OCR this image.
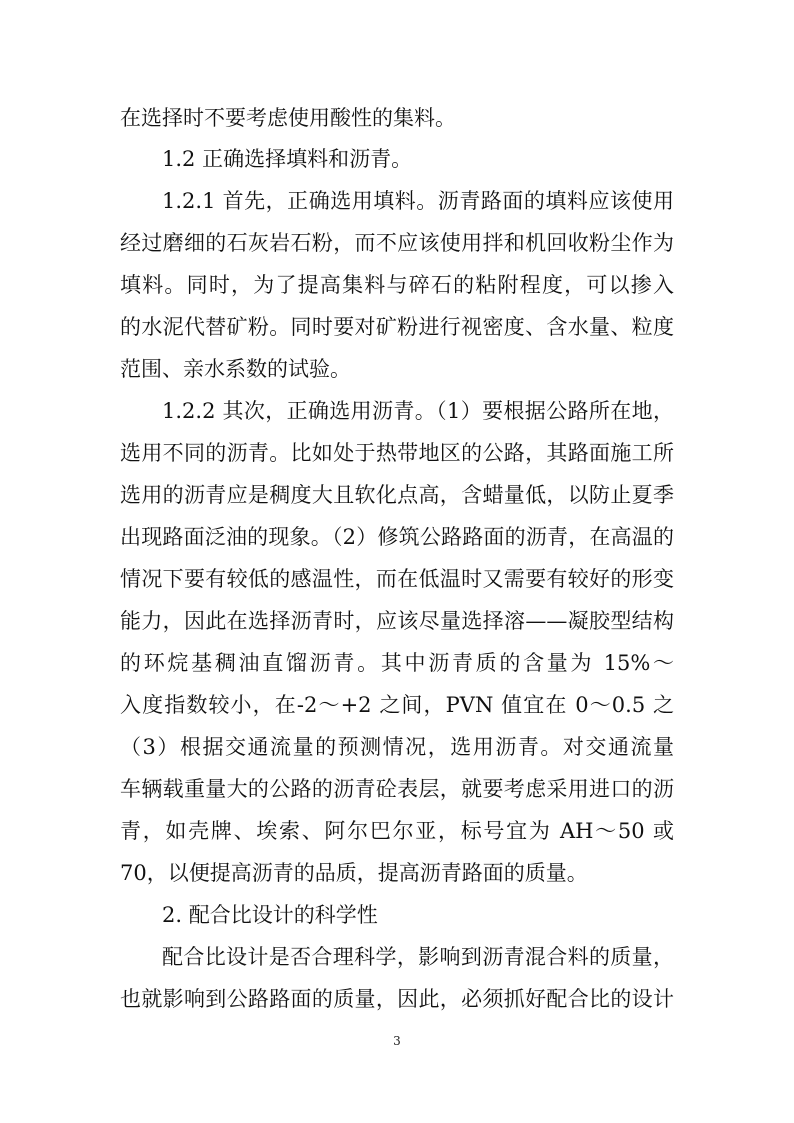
在选择时不要考虑使用酸性的集料。
1.2 正确选择填料和沥青。
1.2.1 首先，正确选用填料。沥青路面的填料应该使用
经过磨细的石灰岩石粉，而不应该使用拌和机回收粉尘作为
填料。同时，为了提高集料与碎石的粘附程度，可以掺入
的水泥代替矿粉。同时要对矿粉进行视密度、含水量、粒度
范围、亲水系数的试验。
1.2.2 其次，正确选用沥青。（1）要根据公路所在地，
选用不同的沥青。比如处于热带地区的公路，其路面施工所
选用的沥青应是稠度大且软化点高，含蜡量低，以防止夏季
出现路面泛油的现象。（2）修筑公路路面的沥青，在高温的
情况下要有较低的感温性，而在低温时又需要有较好的形变
能力，因此在选择沥青时，应该尽量选择溶——凝胶型结构
的环烷基稠油直馏沥青。其中沥青质的含量为 15%～
入度指数较小，在-2～+2 之间，PVN 值宜在 0～0.5 之
（3）根据交通流量的预测情况，选用沥青。对交通流量
车辆载重量大的公路的沥青砼表层，就要考虑采用进口的沥
青，如壳牌、埃索、阿尔巴尔亚，标号宜为 AH～50 或
70，以便提高沥青的品质，提高沥青路面的质量。
2. 配合比设计的科学性
配合比设计是否合理科学，影响到沥青混合料的质量，
也就影响到公路路面的质量，因此，必须抓好配合比的设计
3
